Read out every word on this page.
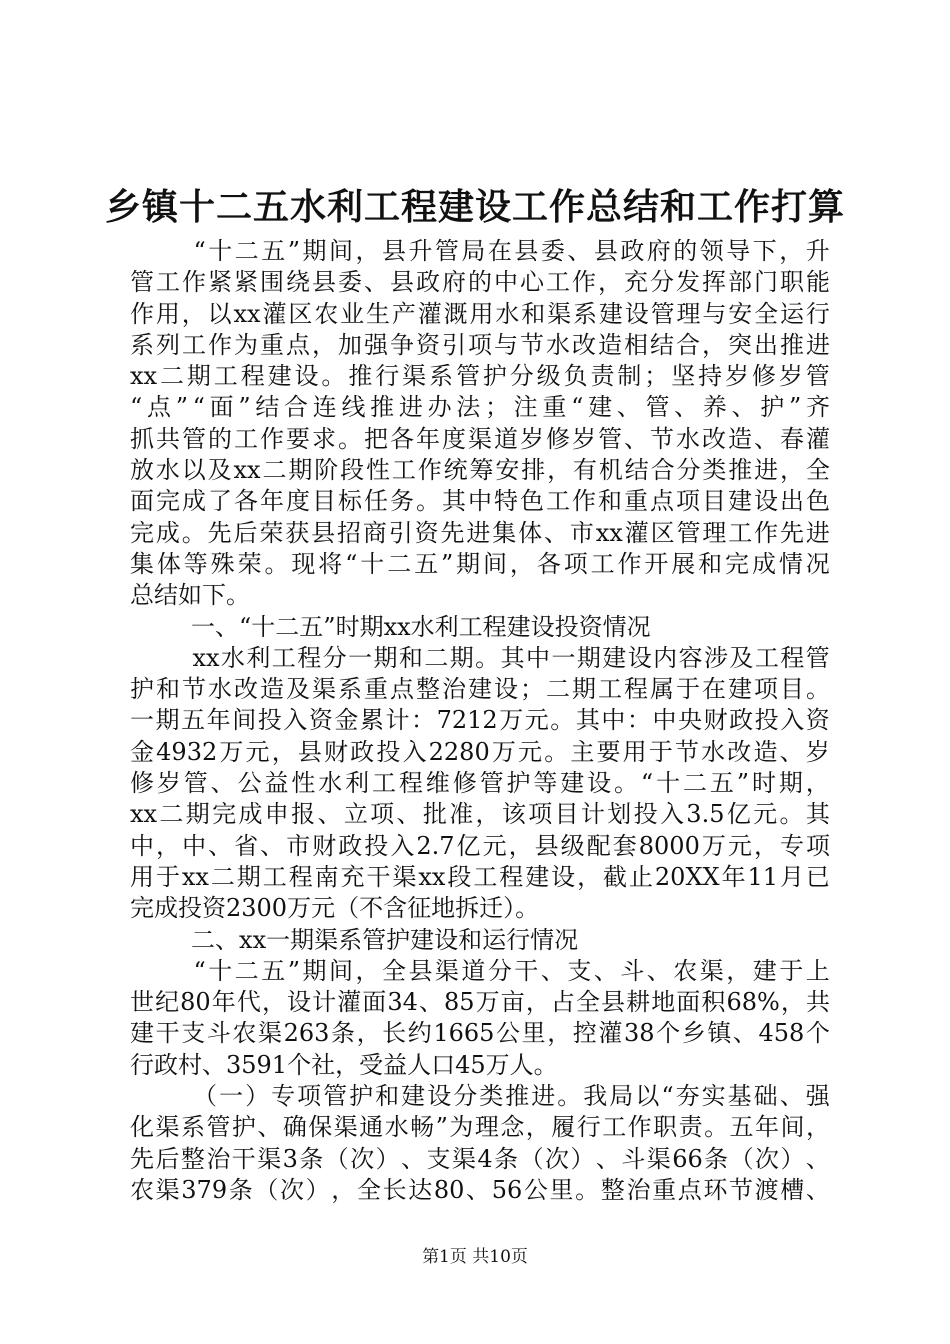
乡镇十二五水利工程建设工作总结和工作打算

“ 十 二 五 ” 期 间 ， 县 升 管 局 在 县 委 、 县 政 府 的 领 导 下 ， 升
管 工 作 紧 紧 围 绕 县 委 、 县 政 府 的 中 心 工 作 ， 充 分 发 挥 部 门 职 能
作 用 ， 以 xx 灌 区 农 业 生 产 灌 溉 用 水 和 渠 系 建 设 管 理 与 安 全 运 行
系 列 工 作 为 重 点 ， 加 强 争 资 引 项 与 节 水 改 造 相 结 合 ， 突 出 推 进
xx 二 期 工 程 建 设 。 推 行 渠 系 管 护 分 级 负 责 制 ； 坚 持 岁 修 岁 管
“ 点 ” “ 面 ” 结 合 连 线 推 进 办 法 ； 注 重 “ 建 、 管 、 养 、 护 ” 齐
抓 共 管 的 工 作 要 求 。 把 各 年 度 渠 道 岁 修 岁 管 、 节 水 改 造 、 春 灌
放 水 以 及 xx 二 期 阶 段 性 工 作 统 筹 安 排 ， 有 机 结 合 分 类 推 进 ， 全
面 完 成 了 各 年 度 目 标 任 务 。 其 中 特 色 工 作 和 重 点 项 目 建 设 出 色
完 成 。 先 后 荣 获 县 招 商 引 资 先 进 集 体 、 市 xx 灌 区 管 理 工 作 先 进
集 体 等 殊 荣 。 现 将 “ 十 二 五 ” 期 间 ， 各 项 工 作 开 展 和 完 成 情 况
总结如下。
一、“十二五”时期xx水利工程建设投资情况

xx 水 利 工 程 分 一 期 和 二 期 。 其 中 一 期 建 设 内 容 涉 及 工 程 管
护 和 节 水 改 造 及 渠 系 重 点 整 治 建 设 ； 二 期 工 程 属 于 在 建 项 目 。
一 期 五 年 间 投 入 资 金 累 计 ： 7212 万 元 。 其 中 ： 中 央 财 政 投 入 资
金 4932 万 元 ， 县 财 政 投 入 2280 万 元 。 主 要 用 于 节 水 改 造 、 岁
修 岁 管 、 公 益 性 水 利 工 程 维 修 管 护 等 建 设 。 “ 十 二 五 ” 时 期 ，
xx 二 期 完 成 申 报 、 立 项 、 批 准 ， 该 项 目 计 划 投 入 3.5 亿 元 。 其
中 ， 中 、 省 、 市 财 政 投 入 2.7 亿 元 ， 县 级 配 套 8000 万 元 ， 专 项
用 于 xx 二 期 工 程 南 充 干 渠 xx 段 工 程 建 设 ， 截 止 20XX 年 11 月 已
完成投资2300万元（不含征地拆迁）。
二、xx一期渠系管护建设和运行情况

“ 十 二 五 ” 期 间 ， 全 县 渠 道 分 干 、 支 、 斗 、 农 渠 ， 建 于 上
世 纪 80 年 代 ， 设 计 灌 面 34 、 85 万 亩 ， 占 全 县 耕 地 面 积 68% ， 共
建 干 支 斗 农 渠 263 条 ， 长 约 1665 公 里 ， 控 灌 38 个 乡 镇 、 458 个
行政村、3591个社，受益人口45万人。

（ 一 ） 专 项 管 护 和 建 设 分 类 推 进 。 我 局 以 “ 夯 实 基 础 、 强
化 渠 系 管 护 、 确 保 渠 通 水 畅 ” 为 理 念 ， 履 行 工 作 职 责 。 五 年 间 ，
先 后 整 治 干 渠 3 条 （ 次 ） 、 支 渠 4 条 （ 次 ） 、 斗 渠 66 条 （ 次 ） 、
农 渠 379 条 （ 次 ） ， 全 长 达 80 、 56 公 里 。 整 治 重 点 环 节 渡 槽 、
第1页 共10页
